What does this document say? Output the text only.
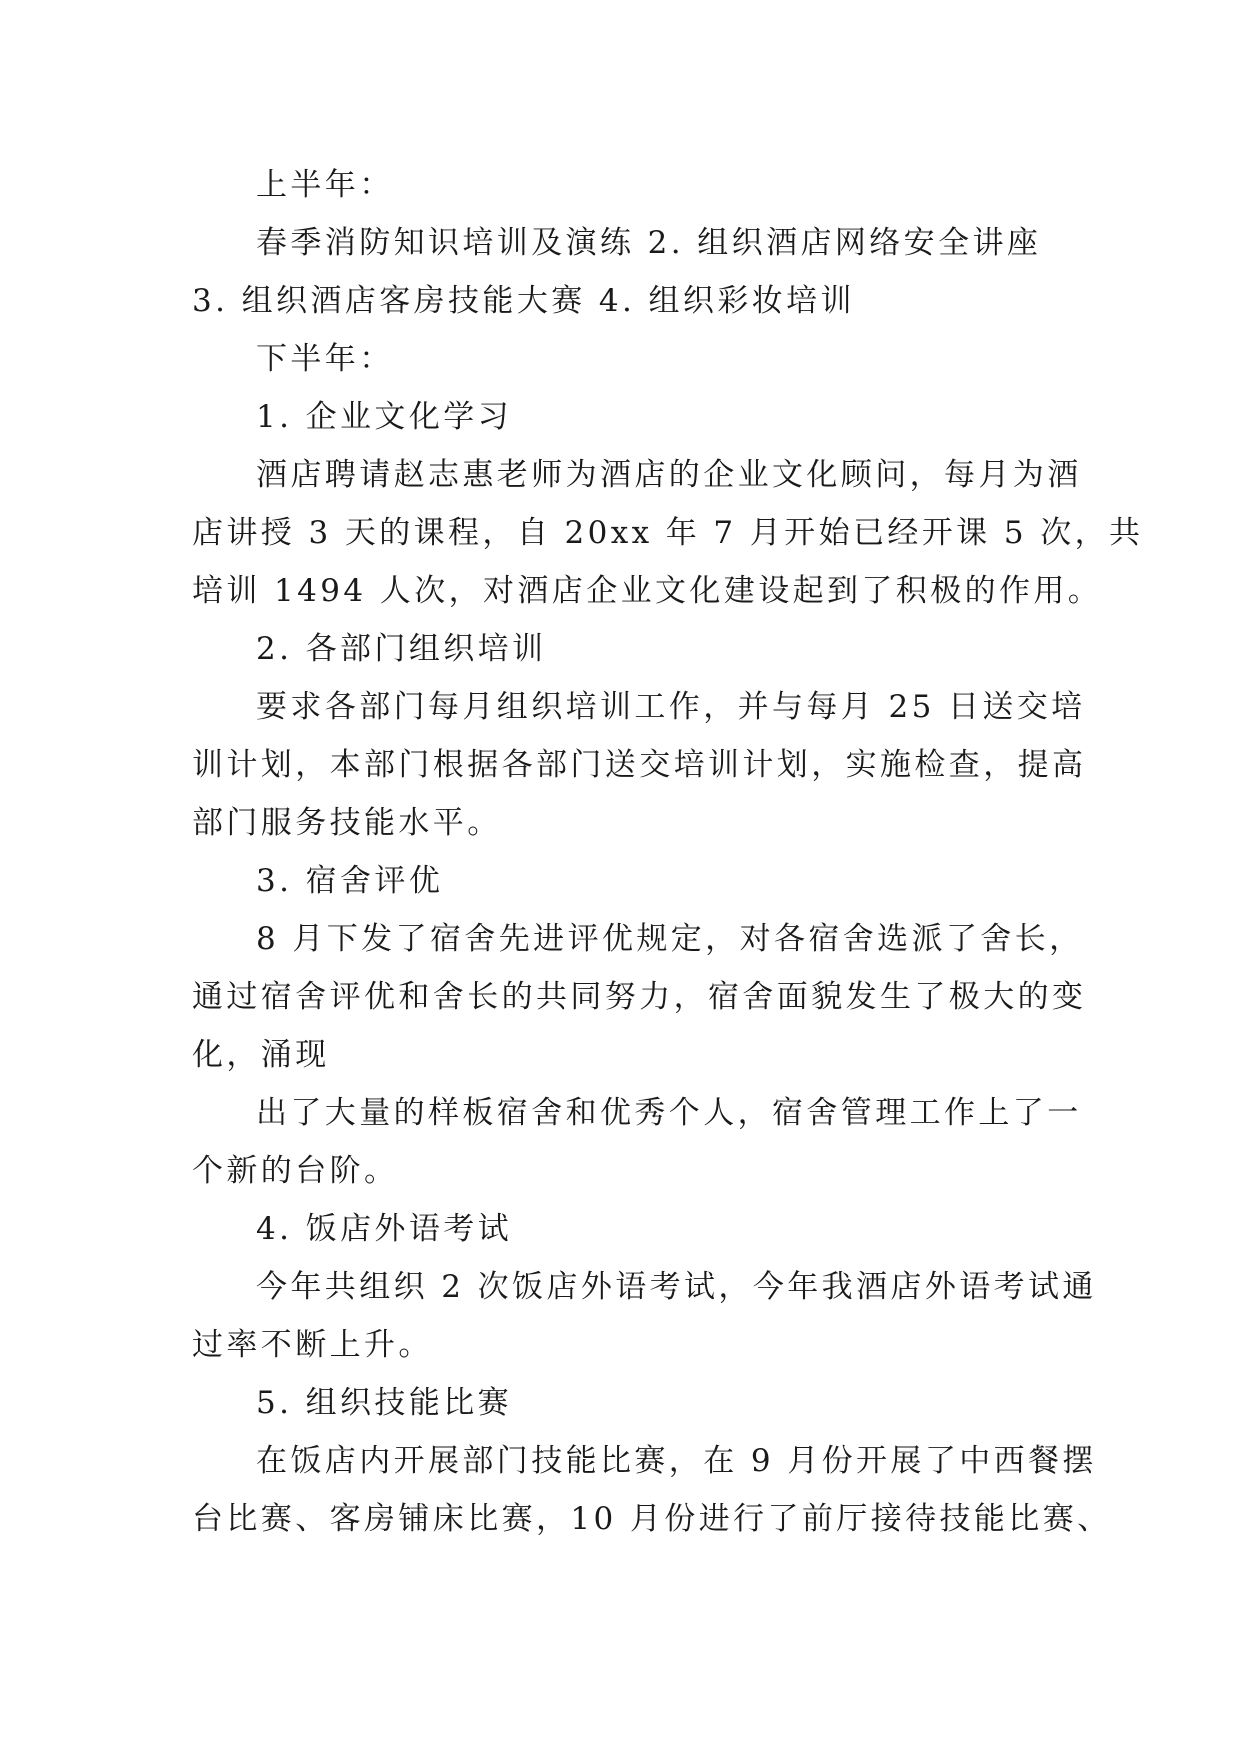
上半年：

春季消防知识培训及演练 2. 组织酒店网络安全讲座

3. 组织酒店客房技能大赛 4. 组织彩妆培训

下半年：

1. 企业文化学习

酒店聘请赵志惠老师为酒店的企业文化顾问，每月为酒

店讲授 3 天的课程，自 20xx 年 7 月开始已经开课 5 次，共

培训 1494 人次，对酒店企业文化建设起到了积极的作用。

2. 各部门组织培训

要求各部门每月组织培训工作，并与每月 25 日送交培

训计划，本部门根据各部门送交培训计划，实施检查，提高

部门服务技能水平。

3. 宿舍评优

8 月下发了宿舍先进评优规定，对各宿舍选派了舍长，

通过宿舍评优和舍长的共同努力，宿舍面貌发生了极大的变

化，涌现

出了大量的样板宿舍和优秀个人，宿舍管理工作上了一

个新的台阶。

4. 饭店外语考试

今年共组织 2 次饭店外语考试，今年我酒店外语考试通

过率不断上升。

5. 组织技能比赛

在饭店内开展部门技能比赛，在 9 月份开展了中西餐摆

台比赛、客房铺床比赛，10 月份进行了前厅接待技能比赛、
